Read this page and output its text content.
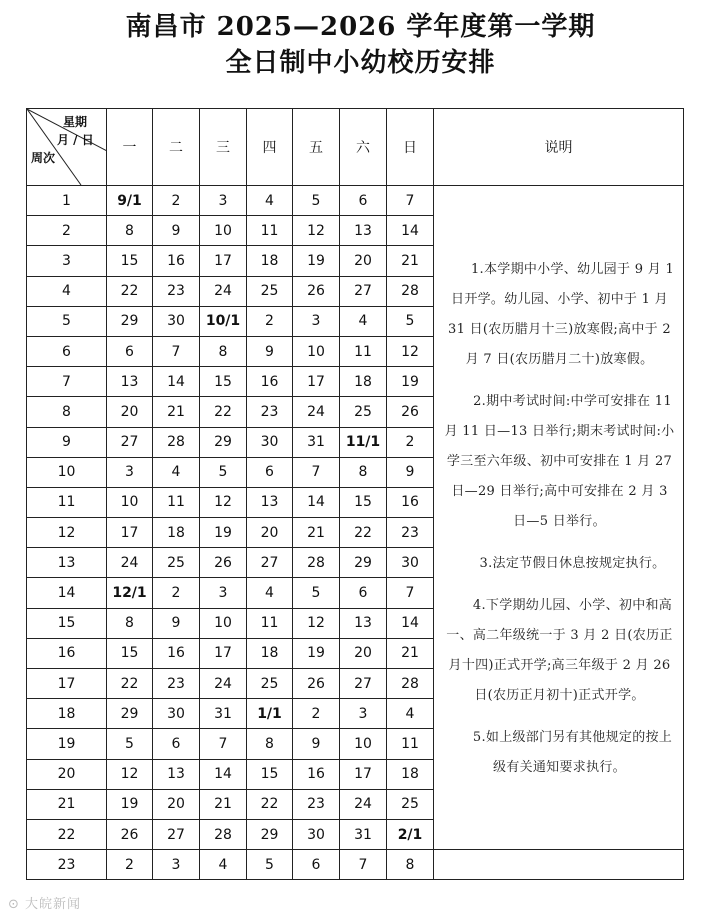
南昌市 2025—2026 学年度第一学期
全日制中小幼校历安排
星期
月 / 日
周次	一	二	三	四	五	六	日	说明
1	9/1	2	3	4	5	6	7	1.本学期中小学、幼儿园于 9 月 1 日开学。幼儿园、小学、初中于 1 月 31 日(农历腊月十三)放寒假;高中于 2 月 7 日(农历腊月二十)放寒假。

2.期中考试时间:中学可安排在 11 月 11 日—13 日举行;期末考试时间:小学三至六年级、初中可安排在 1 月 27 日—29 日举行;高中可安排在 2 月 3 日—5 日举行。

3.法定节假日休息按规定执行。

4.下学期幼儿园、小学、初中和高一、高二年级统一于 3 月 2 日(农历正月十四)正式开学;高三年级于 2 月 26 日(农历正月初十)正式开学。

5.如上级部门另有其他规定的按上级有关通知要求执行。

2	8	9	10	11	12	13	14	
3	15	16	17	18	19	20	21	
4	22	23	24	25	26	27	28	
5	29	30	10/1	2	3	4	5	
6	6	7	8	9	10	11	12	
7	13	14	15	16	17	18	19	
8	20	21	22	23	24	25	26	
9	27	28	29	30	31	11/1	2	
10	3	4	5	6	7	8	9	
11	10	11	12	13	14	15	16	
12	17	18	19	20	21	22	23	
13	24	25	26	27	28	29	30	
14	12/1	2	3	4	5	6	7	
15	8	9	10	11	12	13	14	
16	15	16	17	18	19	20	21	
17	22	23	24	25	26	27	28	
18	29	30	31	1/1	2	3	4	
19	5	6	7	8	9	10	11	
20	12	13	14	15	16	17	18	
21	19	20	21	22	23	24	25	
22	26	27	28	29	30	31	2/1	
23	2	3	4	5	6	7	8	
⊙ 大皖新闻
